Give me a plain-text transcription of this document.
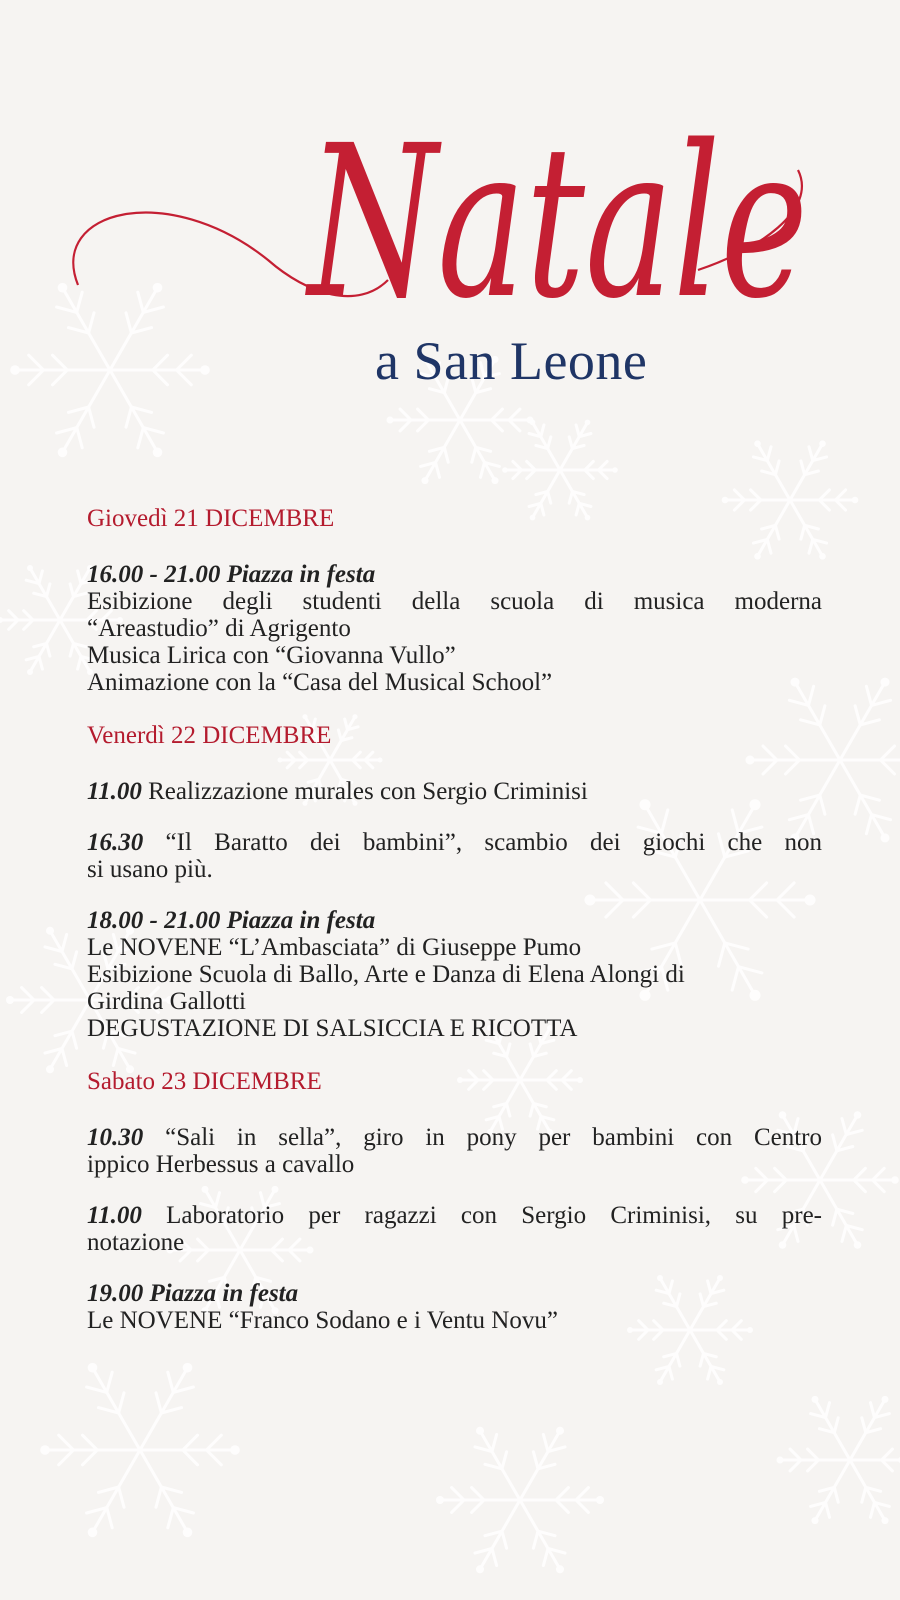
Natale
a San Leone
Giovedì 21 DICEMBRE
16.00 - 21.00 Piazza in festa
Esibizione degli studenti della scuola di musica moderna
“Areastudio” di Agrigento
Musica Lirica con “Giovanna Vullo”
Animazione con la “Casa del Musical School”
Venerdì 22 DICEMBRE
11.00 Realizzazione murales con Sergio Criminisi
16.30 “Il Baratto dei bambini”, scambio dei giochi che non
si usano più.
18.00 - 21.00 Piazza in festa
Le NOVENE “L’Ambasciata” di Giuseppe Pumo
Esibizione Scuola di Ballo, Arte e Danza di Elena Alongi di
Girdina Gallotti
DEGUSTAZIONE DI SALSICCIA E RICOTTA
Sabato 23 DICEMBRE
10.30 “Sali in sella”, giro in pony per bambini con Centro
ippico Herbessus a cavallo
11.00 Laboratorio per ragazzi con Sergio Criminisi, su pre-
notazione
19.00 Piazza in festa
Le NOVENE “Franco Sodano e i Ventu Novu”
